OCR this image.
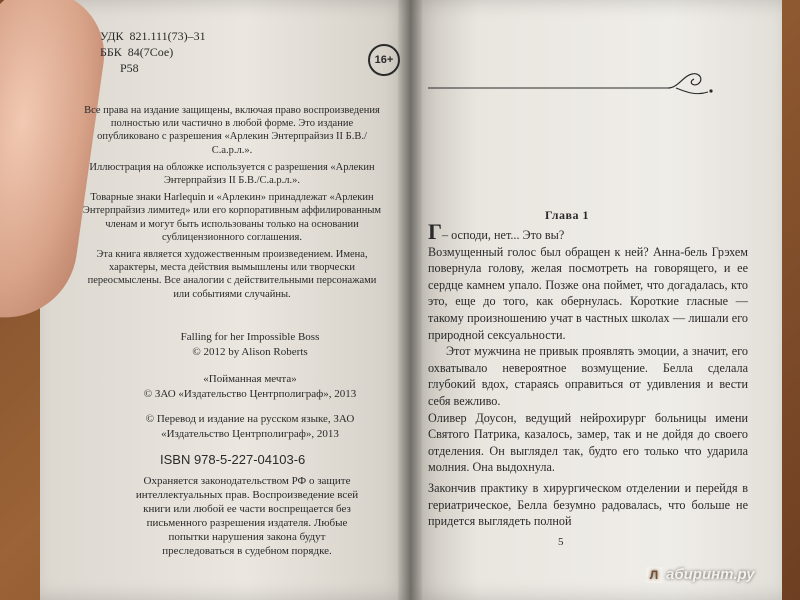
УДК  821.111(73)–31
ББК  84(7Сое)
Р58
16+

Все права на издание защищены, включая право воспроизведения полностью или частично в любой форме. Это издание опубликовано с разрешения «Арлекин Энтерпрайзиз II Б.В./С.а.р.л.».

Иллюстрация на обложке используется с разрешения «Арлекин Энтерпрайзиз II Б.В./С.а.р.л.».

Товарные знаки Harlequin и «Арлекин» принадлежат «Арлекин Энтерпрайзиз лимитед» или его корпоративным аффилированным членам и могут быть использованы только на основании сублицензионного соглашения.

Эта книга является художественным произведением. Имена, характеры, места действия вымышлены или творчески переосмыслены. Все аналогии с действительными персонажами или событиями случайны.

Falling for her Impossible Boss

© 2012 by Alison Roberts

«Пойманная мечта»

© ЗАО «Издательство Центрполиграф», 2013

© Перевод и издание на русском языке, ЗАО «Издательство Центрполиграф», 2013

ISBN 978-5-227-04103-6
Охраняется законодательством РФ о защите интеллектуальных прав. Воспроизведение всей книги или любой ее части воспрещается без письменного разрешения издателя. Любые попытки нарушения закона будут преследоваться в судебном порядке.
Глава 1

Г– осподи, нет... Это вы?

Возмущенный голос был обращен к ней? Анна-бель Грэхем повернула голову, желая посмотреть на говорящего, и ее сердце камнем упало. Позже она поймет, что догадалась, кто это, еще до того, как обернулась. Короткие гласные — такому произношению учат в частных школах — лишали его природной сексуальности.

Этот мужчина не привык проявлять эмоции, а значит, его охватывало невероятное возмущение. Белла сделала глубокий вдох, стараясь оправиться от удивления и вести себя вежливо.

Оливер Доусон, ведущий нейрохирург больницы имени Святого Патрика, казалось, замер, так и не дойдя до своего отделения. Он выглядел так, будто его только что ударила молния. Она выдохнула.

Закончив практику в хирургическом отделении и перейдя в гериатрическое, Белла безумно радовалась, что больше не придется выглядеть полной

5
Л абиринт.ру
